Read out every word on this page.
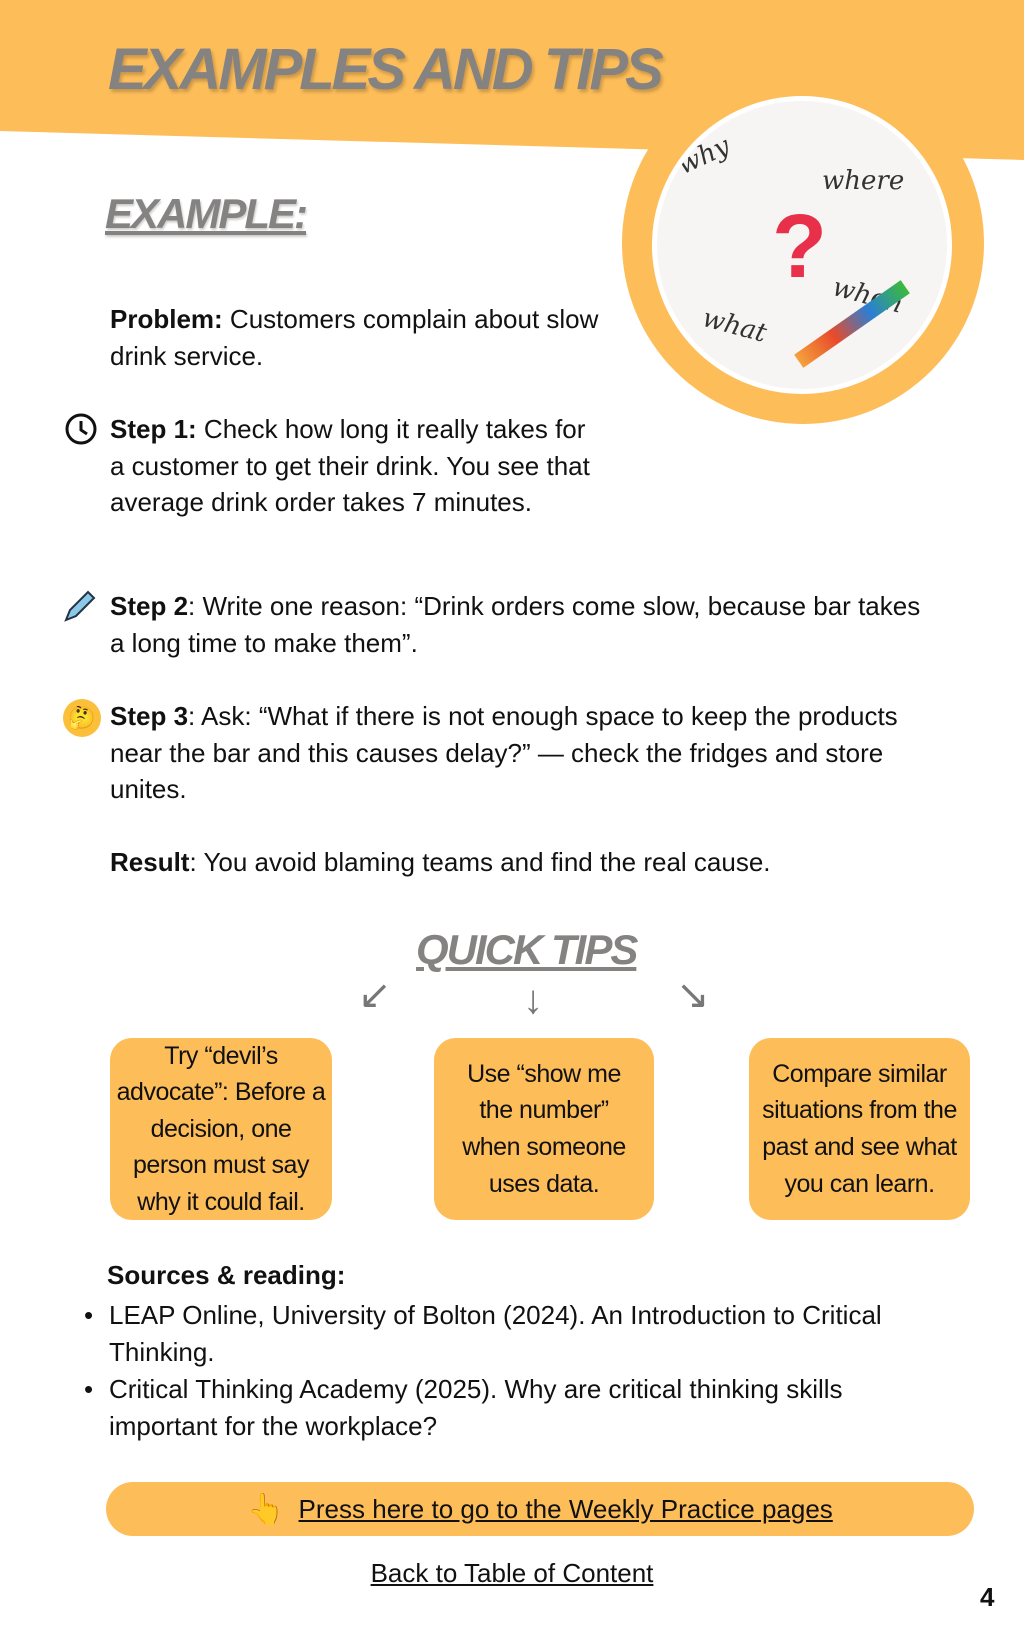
EXAMPLES AND TIPS
why
where
when
what
?
EXAMPLE:
Problem: Customers complain about slow drink service.
Step 1: Check how long it really takes for a customer to get their drink. You see that average drink order takes 7 minutes.
Step 2: Write one reason: “Drink orders come slow, because bar takes a long time to make them”.
🤔 Step 3: Ask: “What if there is not enough space to keep the products near the bar and this causes delay?” — check the fridges and store unites.
Result: You avoid blaming teams and find the real cause.
QUICK TIPS
↙	↓	↘
Try “devil’s advocate”: Before a decision, one person must say why it could fail.
Use “show me the number” when someone uses data.
Compare similar situations from the past and see what you can learn.
Sources & reading:
• LEAP Online, University of Bolton (2024). An Introduction to Critical Thinking.
• Critical Thinking Academy (2025). Why are critical thinking skills important for the workplace?
👆 Press here to go to the Weekly Practice pages
Back to Table of Content
4
